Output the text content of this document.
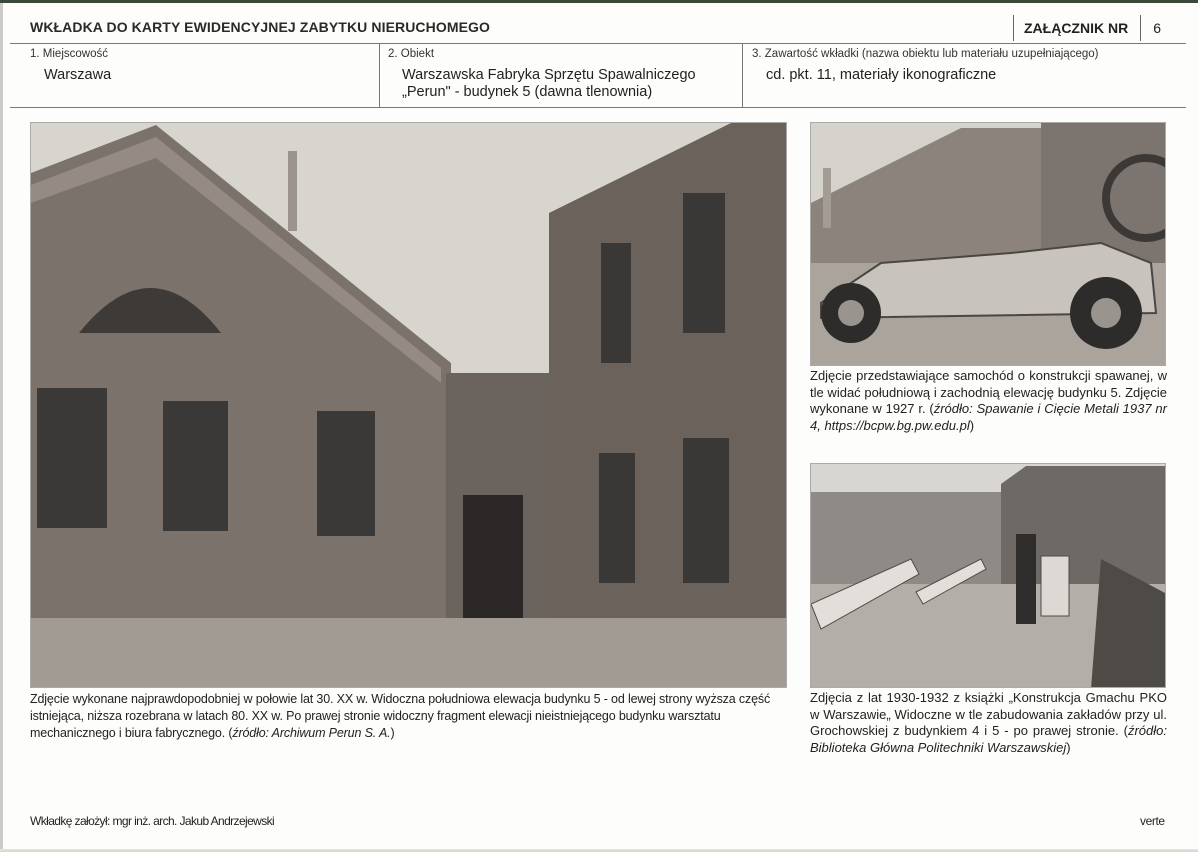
WKŁADKA DO KARTY EWIDENCYJNEJ ZABYTKU NIERUCHOMEGO	ZAŁĄCZNIK NR	6
1. Miejscowość
Warszawa
2. Obiekt
Warszawska Fabryka Sprzętu Spawalniczego
„Perun" - budynek 5 (dawna tlenownia)
3. Zawartość wkładki (nazwa obiektu lub materiału uzupełniającego)
cd. pkt. 11, materiały ikonograficzne
Zdjęcie wykonane najprawdopodobniej w połowie lat 30. XX w. Widoczna południowa elewacja budynku 5 - od lewej strony wyższa część istniejąca, niższa rozebrana w latach 80. XX w. Po prawej stronie widoczny fragment elewacji nieistniejącego budynku warsztatu mechanicznego i biura fabrycznego. (źródło: Archiwum Perun S. A.)
Zdjęcie przedstawiające samochód o konstrukcji spawanej, w tle widać południową i zachodnią elewację budynku 5. Zdjęcie wykonane w 1927 r. (źródło: Spawanie i Cięcie Metali 1937 nr 4, https://bcpw.bg.pw.edu.pl)
Zdjęcia z lat 1930-1932 z książki „Konstrukcja Gmachu PKO w Warszawie„ Widoczne w tle zabudowania zakładów przy ul. Grochowskiej z budynkiem 4 i 5 - po prawej stronie. (źródło: Biblioteka Główna Politechniki Warszawskiej)
Wkładkę założył: mgr inż. arch. Jakub Andrzejewski	verte
